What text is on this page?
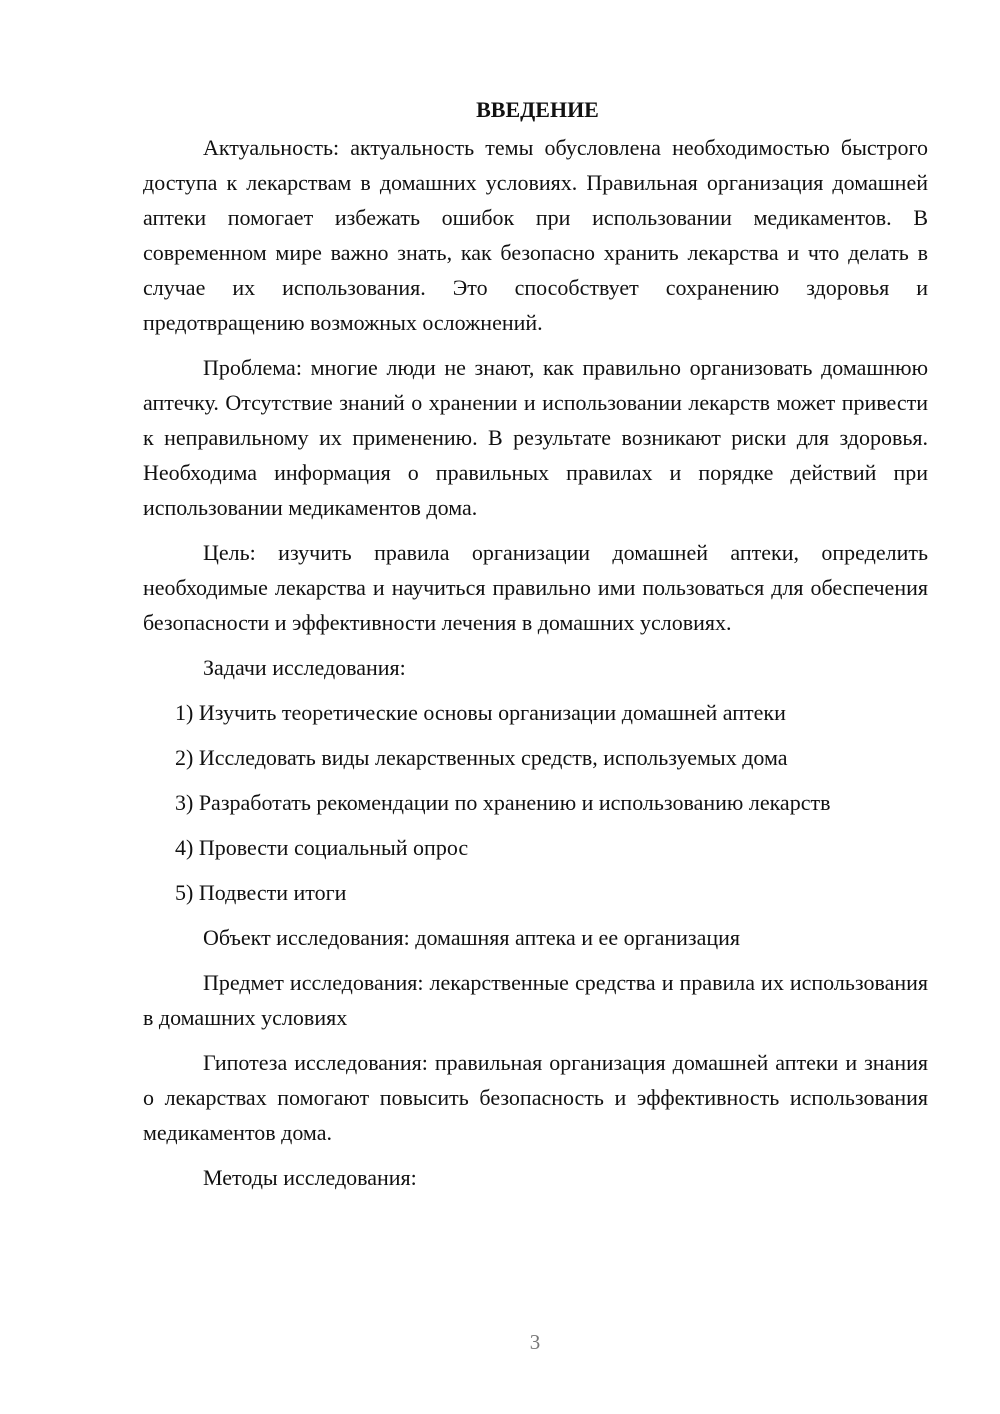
ВВЕДЕНИЕ

Актуальность: актуальность темы обусловлена необходимостью быстрого доступа к лекарствам в домашних условиях. Правильная организация домашней аптеки помогает избежать ошибок при использовании медикаментов. В современном мире важно знать, как безопасно хранить лекарства и что делать в случае их использования. Это способствует сохранению здоровья и предотвращению возможных осложнений.

Проблема: многие люди не знают, как правильно организовать домашнюю аптечку. Отсутствие знаний о хранении и использовании лекарств может привести к неправильному их применению. В результате возникают риски для здоровья. Необходима информация о правильных правилах и порядке действий при использовании медикаментов дома.

Цель: изучить правила организации домашней аптеки, определить необходимые лекарства и научиться правильно ими пользоваться для обеспечения безопасности и эффективности лечения в домашних условиях.

Задачи исследования:

1) Изучить теоретические основы организации домашней аптеки
2) Исследовать виды лекарственных средств, используемых дома
3) Разработать рекомендации по хранению и использованию лекарств
4) Провести социальный опрос
5) Подвести итоги

Объект исследования: домашняя аптека и ее организация

Предмет исследования: лекарственные средства и правила их использования в домашних условиях

Гипотеза исследования: правильная организация домашней аптеки и знания о лекарствах помогают повысить безопасность и эффективность использования медикаментов дома.

Методы исследования:

3
